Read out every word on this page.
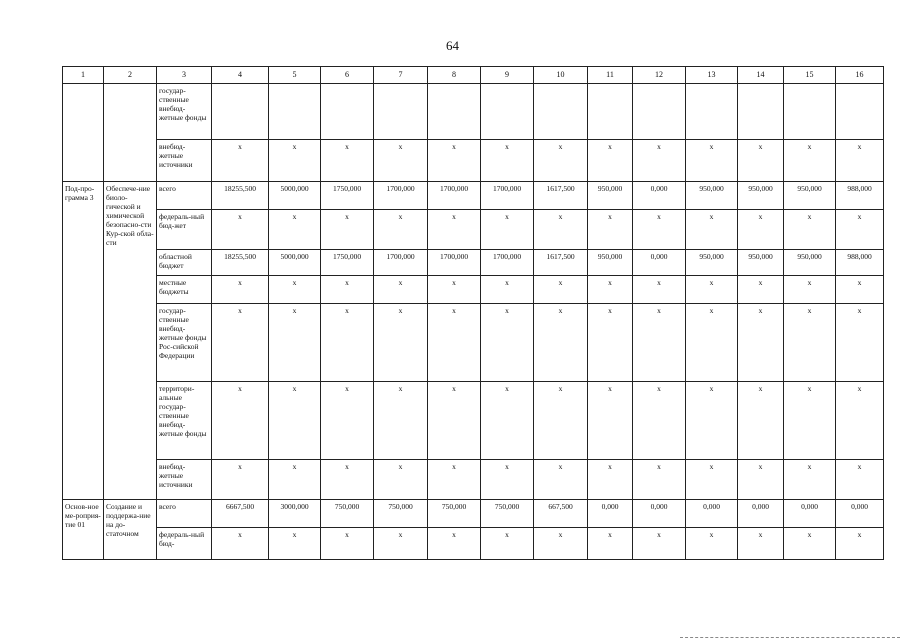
64
1	2	3	4	5	6	7	8	9	10	11	12	13	14	15	16
		государ-ственные внебюд-жетные фонды													
		внебюд-жетные источники	x	x	x	x	x	x	x	x	x	x	x	x	x
Под-про-грамма 3	Обеспече-ние биоло-гической и химической безопасно-сти Кур-ской обла-сти	всего	18255,500	5000,000	1750,000	1700,000	1700,000	1700,000	1617,500	950,000	0,000	950,000	950,000	950,000	988,000
		федераль-ный бюд-жет	x	x	x	x	x	x	x	x	x	x	x	x	x
		областной бюджет	18255,500	5000,000	1750,000	1700,000	1700,000	1700,000	1617,500	950,000	0,000	950,000	950,000	950,000	988,000
		местные бюджеты	x	x	x	x	x	x	x	x	x	x	x	x	x
		государ-ственные внебюд-жетные фонды Рос-сийской Федерации	x	x	x	x	x	x	x	x	x	x	x	x	x
		территори-альные государ-ственные внебюд-жетные фонды	x	x	x	x	x	x	x	x	x	x	x	x	x
		внебюд-жетные источники	x	x	x	x	x	x	x	x	x	x	x	x	x
Основ-ное ме-роприя-тие 01	Создание и поддержа-ние на до-статочном	всего	6667,500	3000,000	750,000	750,000	750,000	750,000	667,500	0,000	0,000	0,000	0,000	0,000	0,000
		федераль-ный бюд-	x	x	x	x	x	x	x	x	x	x	x	x	x
